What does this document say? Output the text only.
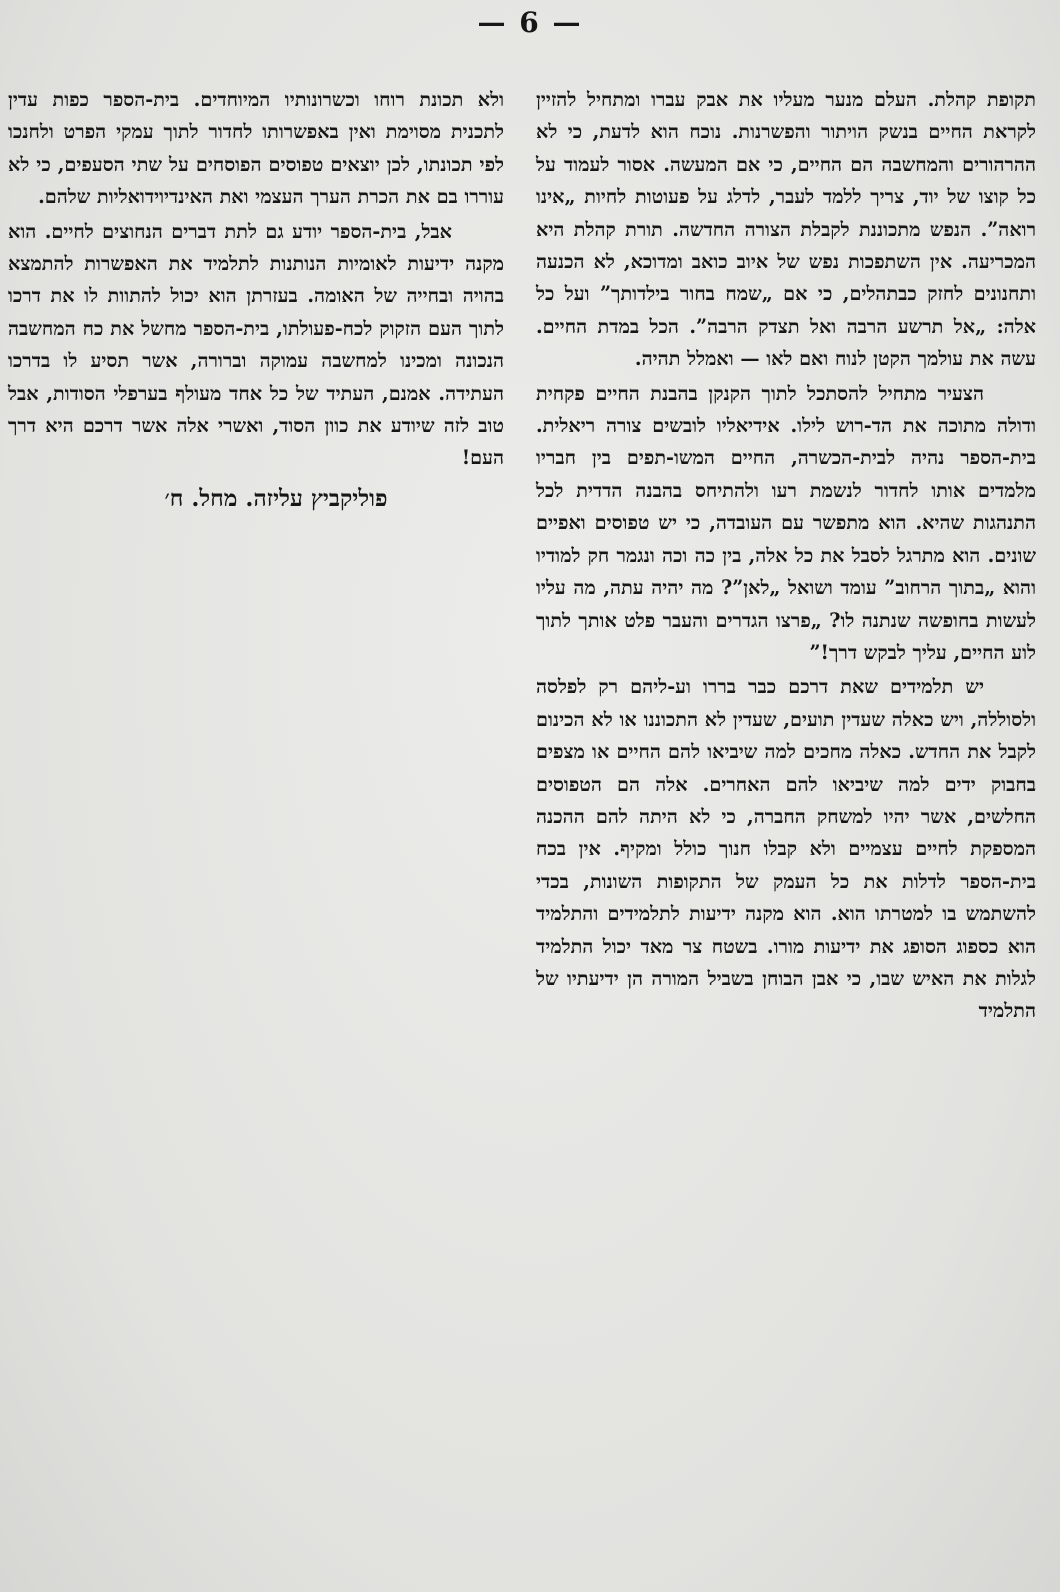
— 6 —

תקופת קהלת. העלם מנער מעליו את אבק עברו ומתחיל להזיין לקראת החיים בנשק הויתור והפשרנות. נוכח הוא לדעת, כי לא ההרהורים והמחשבה הם החיים, כי אם המעשה. אסור לעמוד על כל קוצו של יוד, צריך ללמד לעבר, לדלג על פעוטות לחיות „אינו רואה”. הנפש מתכוננת לקבלת הצורה החדשה. תורת קהלת היא המכריעה. אין השתפכות נפש של איוב כואב ומדוכא, לא הכנעה ותחנונים לחזק כבתהלים, כי אם „שמח בחור בילדותך” ועל כל אלה: „אל תרשע הרבה ואל תצדק הרבה”. הכל במדת החיים. עשה את עולמך הקטן לנוח ואם לאו — ואמלל תהיה.

הצעיר מתחיל להסתכל לתוך הקנקן בהבנת החיים פקחית ודולה מתוכה את הד-רוש לילו. אידיאליו לובשים צורה ריאלית. בית-הספר נהיה לבית-הכשרה, החיים המשו-תפים בין חבריו מלמדים אותו לחדור לנשמת רעו ולהתיחס בהבנה הדדית לכל התנהגות שהיא. הוא מתפשר עם העובדה, כי יש טפוסים ואפיים שונים. הוא מתרגל לסבל את כל אלה, בין כה וכה ונגמר חק למודיו והוא „בתוך הרחוב” עומד ושואל „לאן”? מה יהיה עתה, מה עליו לעשות בחופשה שנתנה לו? „פרצו הגדרים והעבר פלט אותך לתוך לוע החיים, עליך לבקש דרך!”

יש תלמידים שאת דרכם כבר בררו וע-ליהם רק לפלסה ולסוללה, ויש כאלה שעדין תועים, שעדין לא התכוננו או לא הכינום לקבל את החדש. כאלה מחכים למה שיביאו להם החיים או מצפים בחבוק ידים למה שיביאו להם האחרים. אלה הם הטפוסים החלשים, אשר יהיו למשחק החברה, כי לא היתה להם ההכנה המספקת לחיים עצמיים ולא קבלו חנוך כולל ומקיף. אין בכח בית-הספר לדלות את כל העמק של התקופות השונות, בכדי להשתמש בו למטרתו הוא. הוא מקנה ידיעות לתלמידים והתלמיד הוא כספוג הסופג את ידיעות מורו. בשטח צר מאד יכול התלמיד לגלות את האיש שבו, כי אבן הבוחן בשביל המורה הן ידיעתיו של התלמיד

ולא תכונת רוחו וכשרונותיו המיוחדים. בית-הספר כפות עדין לתכנית מסוימת ואין באפשרותו לחדור לתוך עמקי הפרט ולחנכו לפי תכונתו, לכן יוצאים טפוסים הפוסחים על שתי הסעפים, כי לא עוררו בם את הכרת הערך העצמי ואת האינדיוידואליות שלהם.

אבל, בית-הספר יודע גם לתת דברים הנחוצים לחיים. הוא מקנה ידיעות לאומיות הנותנות לתלמיד את האפשרות להתמצא בהויה ובחייה של האומה. בעזרתן הוא יכול להתוות לו את דרכו לתוך העם הזקוק לכח-פעולתו, בית-הספר מחשל את כח המחשבה הנכונה ומכינו למחשבה עמוקה וברורה, אשר תסיע לו בדרכו העתידה. אמנם, העתיד של כל אחד מעולף בערפלי הסודות, אבל טוב לזה שיודע את כוון הסוד, ואשרי אלה אשר דרכם היא דרך העם!

פוליקביץ עליזה. מחל. ח׳
